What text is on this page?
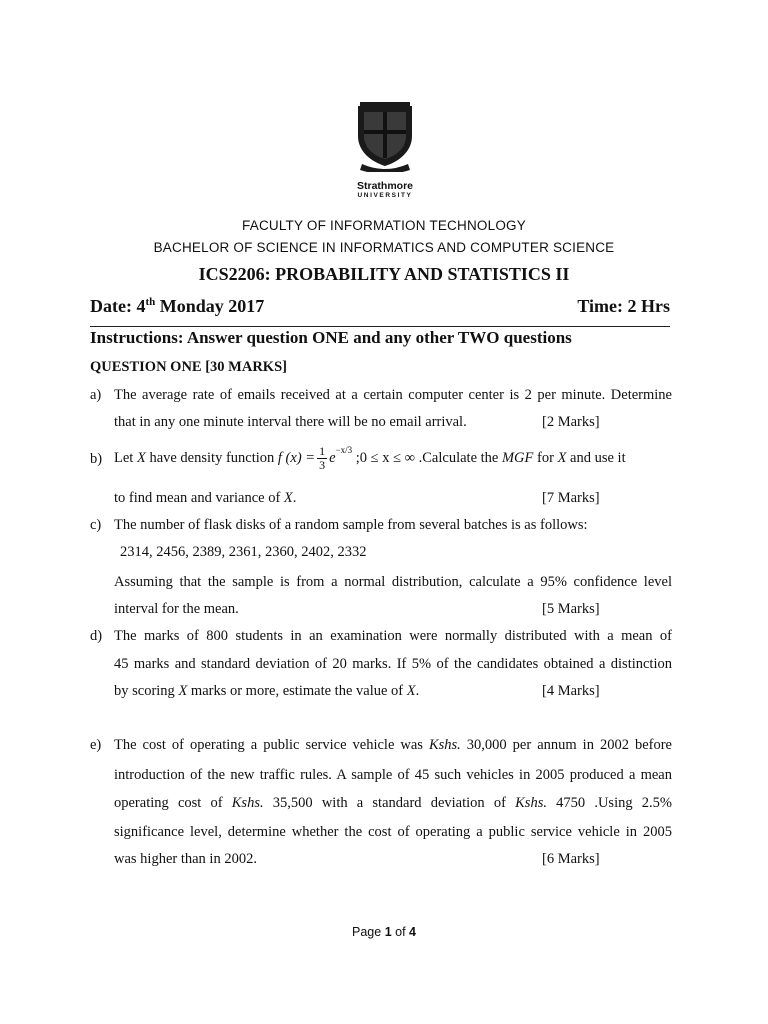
Strathmore
UNIVERSITY
FACULTY OF INFORMATION TECHNOLOGY
BACHELOR OF SCIENCE IN INFORMATICS AND COMPUTER SCIENCE
ICS2206: PROBABILITY AND STATISTICS II
Date: 4th Monday 2017	Time: 2 Hrs
Instructions: Answer question ONE and any other TWO questions
QUESTION ONE [30 MARKS]
a) The average rate of emails received at a certain computer center is 2 per minute. Determine
that in any one minute interval there will be no email arrival.	[2 Marks]
b) Let X have density function f $(x) = \frac{1}{3} e^{-x/3}$ ;0 ≤ x ≤ ∞ .Calculate the MGF for X and use it
to find mean and variance of X.	[7 Marks]
c) The number of flask disks of a random sample from several batches is as follows:
2314, 2456, 2389, 2361, 2360, 2402, 2332
Assuming that the sample is from a normal distribution, calculate a 95% confidence level
interval for the mean.	[5 Marks]
d) The marks of 800 students in an examination were normally distributed with a mean of
45 marks and standard deviation of 20 marks. If 5% of the candidates obtained a distinction
by scoring X marks or more, estimate the value of X.	[4 Marks]
e) The cost of operating a public service vehicle was Kshs. 30,000 per annum in 2002 before
introduction of the new traffic rules. A sample of 45 such vehicles in 2005 produced a mean
operating cost of Kshs. 35,500 with a standard deviation of Kshs. 4750 .Using 2.5%
significance level, determine whether the cost of operating a public service vehicle in 2005
was higher than in 2002.	[6 Marks]
Page 1 of 4
